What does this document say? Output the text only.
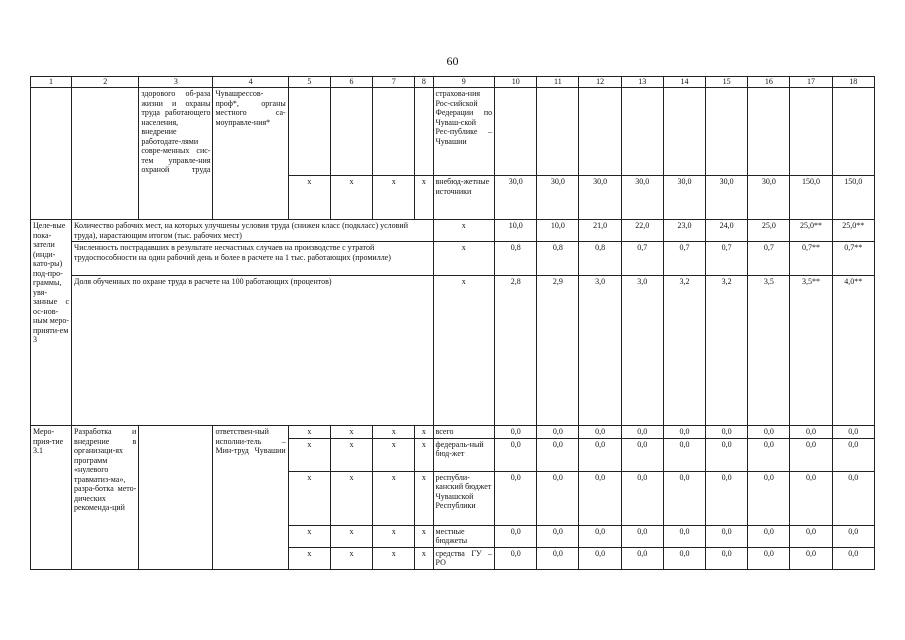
60
1	2	3	4	5	6	7	8	9	10	11	12	13	14	15	16	17	18
		здорового об-раза жизни и охраны труда работающего населения, внедрение работодате-лями совре-менных сис-тем управле-ния охраной труда	Чувашрессов-проф*, органы местного са-моуправле-ния*					страхова-ния Рос-сийской Федерации по Чуваш-ской Рес-публике – Чувашии									
				x	x	x	x	внебюд-жетные источники	30,0	30,0	30,0	30,0	30,0	30,0	30,0	150,0	150,0
Целе-вые пока-затели (инди-като-ры) под-про-граммы, увя-занные с ос-нов-ным меро-прияти-ем 3	Количество рабочих мест, на которых улучшены условия труда (снижен класс (подкласс) условий труда), нарастающим итогом (тыс. рабочих мест)							x	10,0	10,0	21,0	22,0	23,0	24,0	25,0	25,0**	25,0**
	Численность пострадавших в результате несчастных случаев на производстве с утратой трудоспособности на один рабочий день и более в расчете на 1 тыс. работающих (промилле)							x	0,8	0,8	0,8	0,7	0,7	0,7	0,7	0,7**	0,7**
	Доля обученных по охране труда в расчете на 100 работающих (процентов)							x	2,8	2,9	3,0	3,0	3,2	3,2	3,5	3,5**	4,0**
Меро-прия-тие 3.1	Разработка и внедрение в организаци-ях программ «нулевого травматиз-ма», разра-ботка мето-дических рекоменда-ций		ответствен-ный исполни-тель – Мин-труд Чувашии	x	x	x	x	всего	0,0	0,0	0,0	0,0	0,0	0,0	0,0	0,0	0,0
				x	x	x	x	федераль-ный бюд-жет	0,0	0,0	0,0	0,0	0,0	0,0	0,0	0,0	0,0
				x	x	x	x	республи-канский бюджет Чувашской Республики	0,0	0,0	0,0	0,0	0,0	0,0	0,0	0,0	0,0
				x	x	x	x	местные бюджеты	0,0	0,0	0,0	0,0	0,0	0,0	0,0	0,0	0,0
				x	x	x	x	средства ГУ – РО	0,0	0,0	0,0	0,0	0,0	0,0	0,0	0,0	0,0
